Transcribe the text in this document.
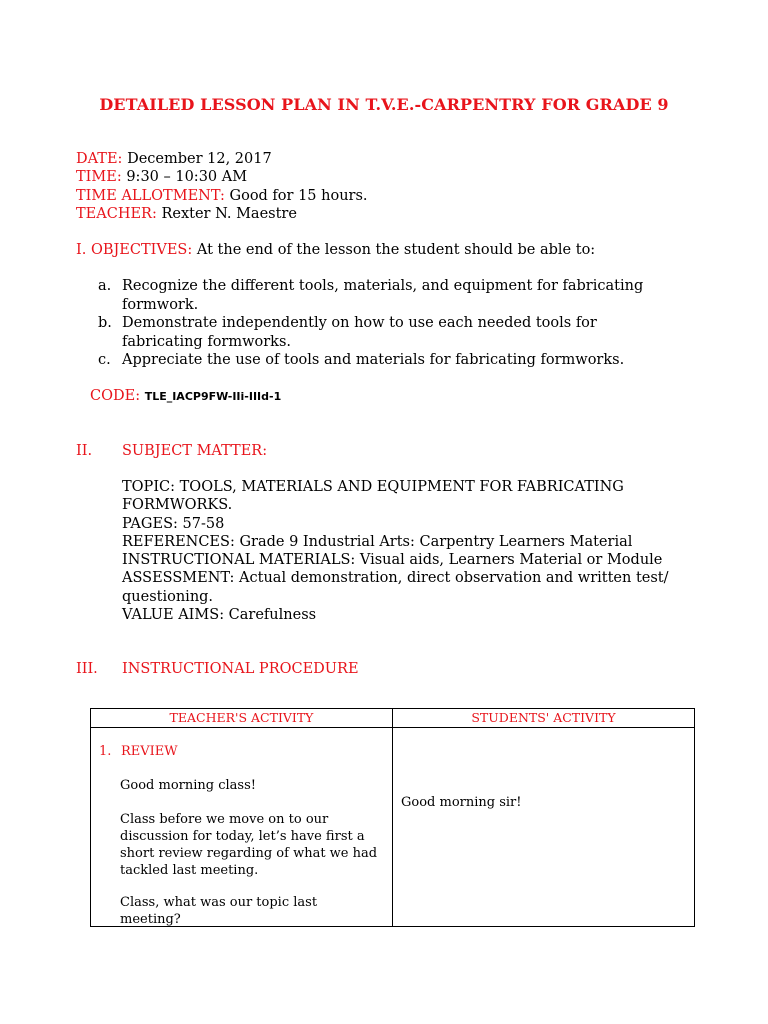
DETAILED LESSON PLAN IN T.V.E.-CARPENTRY FOR GRADE 9
DATE: December 12, 2017
TIME: 9:30 – 10:30 AM
TIME ALLOTMENT: Good for 15 hours.
TEACHER: Rexter N. Maestre
I. OBJECTIVES: At the end of the lesson the student should be able to:
a. Recognize the different tools, materials, and equipment for fabricating formwork.
b. Demonstrate independently on how to use each needed tools for fabricating formworks.
c. Appreciate the use of tools and materials for fabricating formworks.
CODE: TLE_IACP9FW-IIi-IIId-1
II. SUBJECT MATTER:
TOPIC: TOOLS, MATERIALS AND EQUIPMENT FOR FABRICATING FORMWORKS.
PAGES: 57-58
REFERENCES: Grade 9 Industrial Arts: Carpentry Learners Material
INSTRUCTIONAL MATERIALS: Visual aids, Learners Material or Module
ASSESSMENT: Actual demonstration, direct observation and written test/ questioning.
VALUE AIMS: Carefulness
III. INSTRUCTIONAL PROCEDURE
TEACHER'S ACTIVITY	STUDENTS' ACTIVITY
1. REVIEW
Good morning class!
Class before we move on to our discussion for today, let’s have first a short review regarding of what we had tackled last meeting.
Class, what was our topic last meeting?
Good morning sir!
